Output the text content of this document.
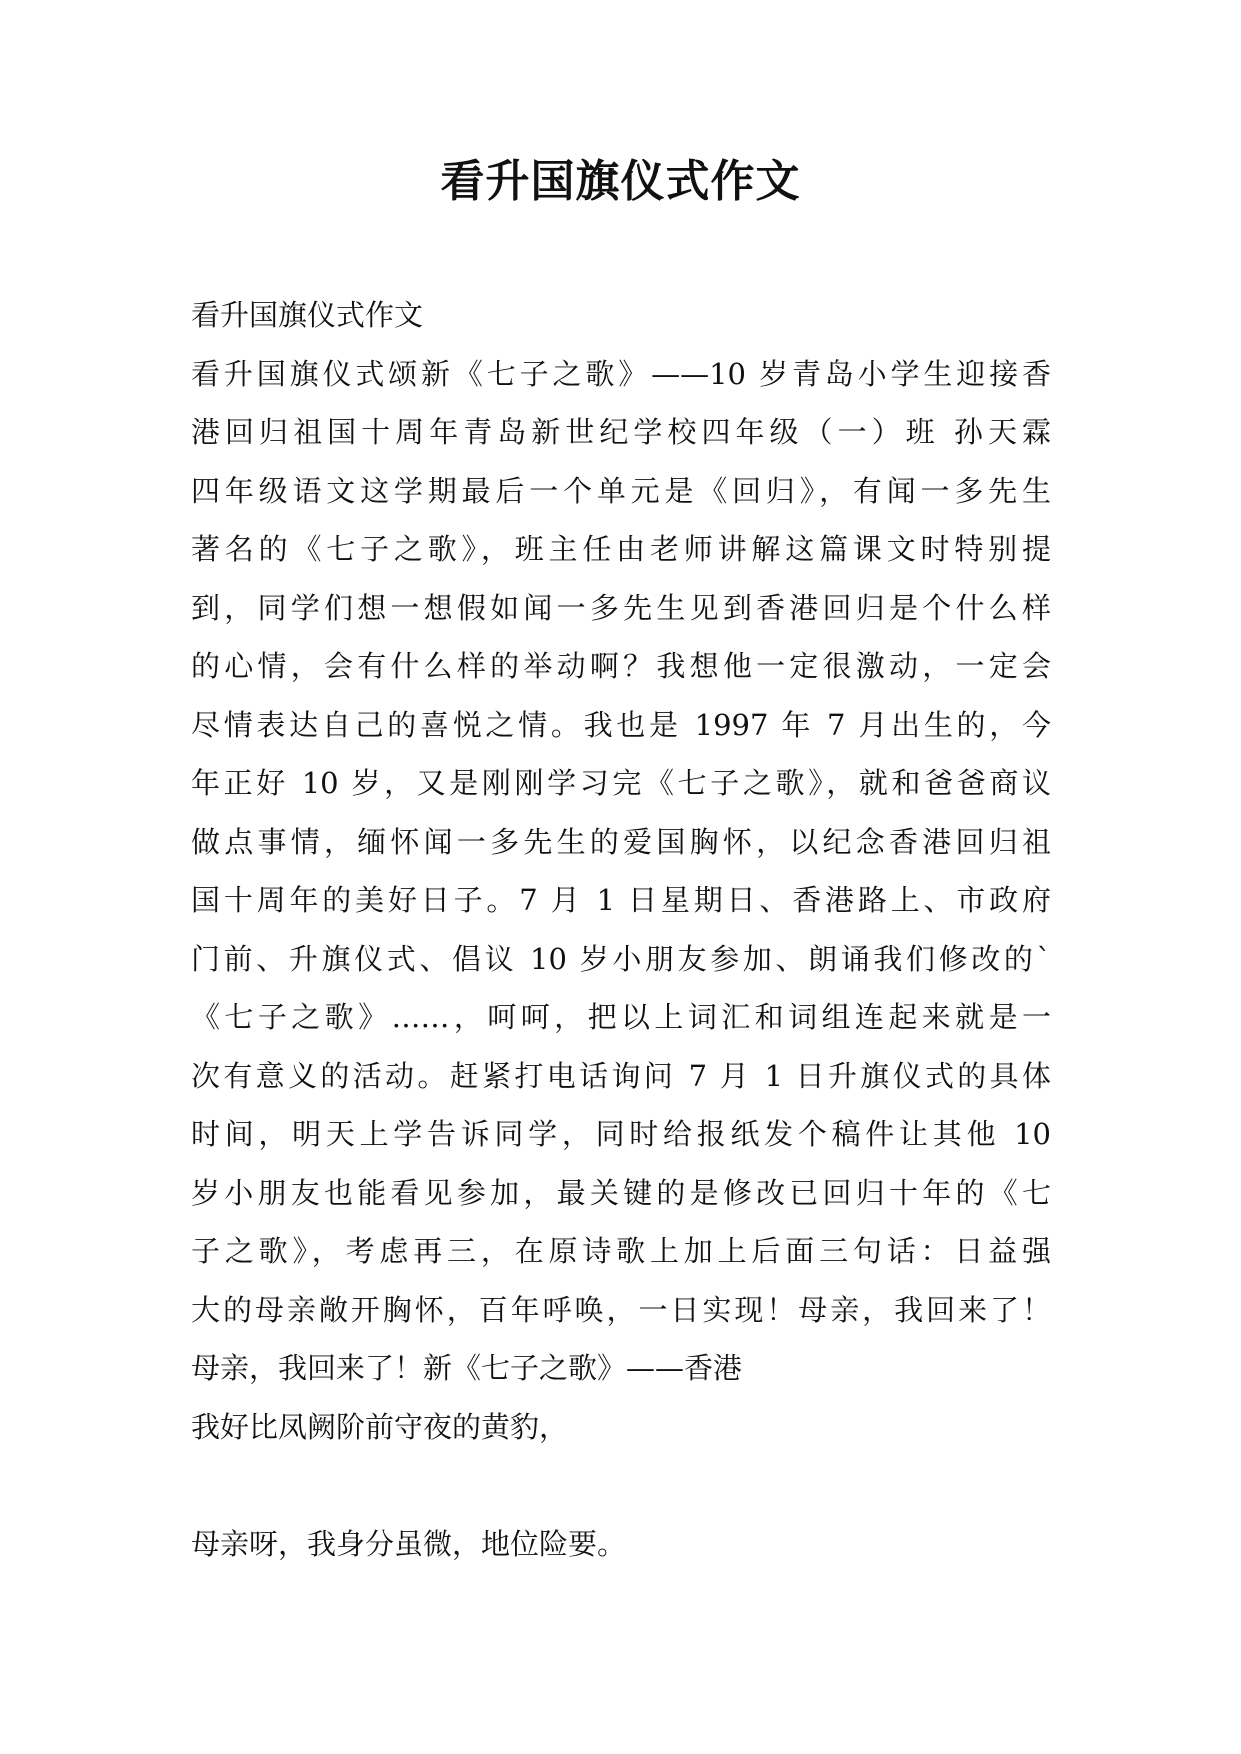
看升国旗仪式作文
看升国旗仪式作文
看升国旗仪式颂新《七子之歌》——10 岁青岛小学生迎接香
港回归祖国十周年青岛新世纪学校四年级（一）班 孙天霖
四年级语文这学期最后一个单元是《回归》，有闻一多先生
著名的《七子之歌》，班主任由老师讲解这篇课文时特别提
到，同学们想一想假如闻一多先生见到香港回归是个什么样
的心情，会有什么样的举动啊？我想他一定很激动，一定会
尽情表达自己的喜悦之情。我也是 1997 年 7 月出生的，今
年正好 10 岁，又是刚刚学习完《七子之歌》，就和爸爸商议
做点事情，缅怀闻一多先生的爱国胸怀，以纪念香港回归祖
国十周年的美好日子。7 月 1 日星期日、香港路上、市政府
门前、升旗仪式、倡议 10 岁小朋友参加、朗诵我们修改的`
《七子之歌》……，呵呵，把以上词汇和词组连起来就是一
次有意义的活动。赶紧打电话询问 7 月 1 日升旗仪式的具体
时间，明天上学告诉同学，同时给报纸发个稿件让其他 10
岁小朋友也能看见参加，最关键的是修改已回归十年的《七
子之歌》，考虑再三，在原诗歌上加上后面三句话：日益强
大的母亲敞开胸怀，百年呼唤，一日实现！母亲，我回来了！
母亲，我回来了！新《七子之歌》——香港
我好比凤阙阶前守夜的黄豹，
母亲呀，我身分虽微，地位险要。
